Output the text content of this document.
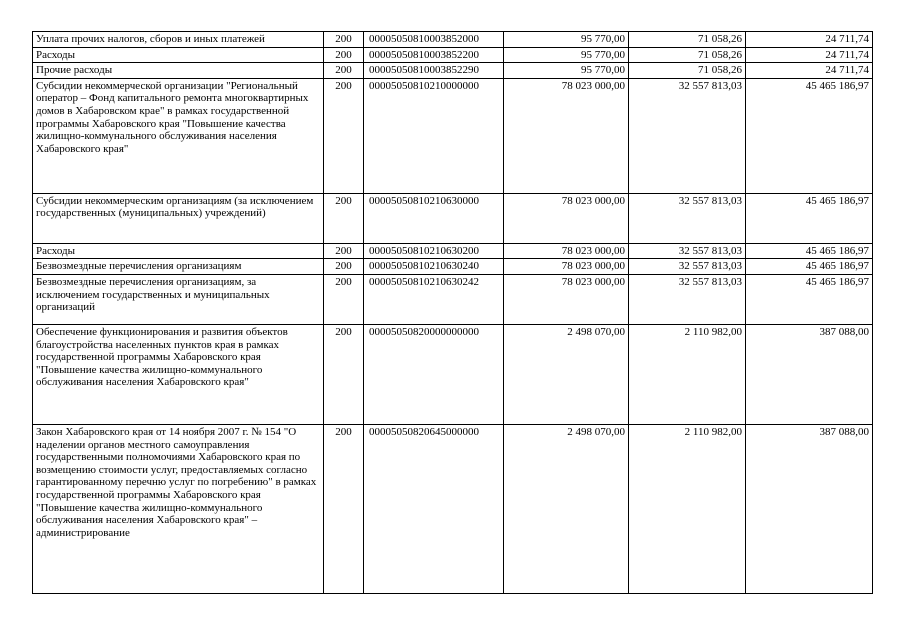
Уплата прочих налогов, сборов и иных платежей	200	00005050810003852000	95 770,00	71 058,26	24 711,74
Расходы	200	00005050810003852200	95 770,00	71 058,26	24 711,74
Прочие расходы	200	00005050810003852290	95 770,00	71 058,26	24 711,74
Субсидии некоммерческой организации "Региональный оператор – Фонд капитального ремонта многоквартирных домов в Хабаровском крае" в рамках государственной программы Хабаровского края "Повышение качества жилищно-коммунального обслуживания населения Хабаровского края"	200	00005050810210000000	78 023 000,00	32 557 813,03	45 465 186,97
Субсидии некоммерческим организациям (за исключением государственных (муниципальных) учреждений)	200	00005050810210630000	78 023 000,00	32 557 813,03	45 465 186,97
Расходы	200	00005050810210630200	78 023 000,00	32 557 813,03	45 465 186,97
Безвозмездные перечисления организациям	200	00005050810210630240	78 023 000,00	32 557 813,03	45 465 186,97
Безвозмездные перечисления организациям, за исключением государственных и муниципальных организаций	200	00005050810210630242	78 023 000,00	32 557 813,03	45 465 186,97
Обеспечение функционирования и развития объектов благоустройства населенных пунктов края в рамках государственной программы Хабаровского края "Повышение качества жилищно-коммунального обслуживания населения Хабаровского края"	200	00005050820000000000	2 498 070,00	2 110 982,00	387 088,00
Закон Хабаровского края от 14 ноября 2007 г. № 154 "О наделении органов местного самоуправления государственными полномочиями Хабаровского края по возмещению стоимости услуг, предоставляемых согласно гарантированному перечню услуг по погребению" в рамках государственной программы Хабаровского края "Повышение качества жилищно-коммунального обслуживания населения Хабаровского края" – администрирование	200	00005050820645000000	2 498 070,00	2 110 982,00	387 088,00
